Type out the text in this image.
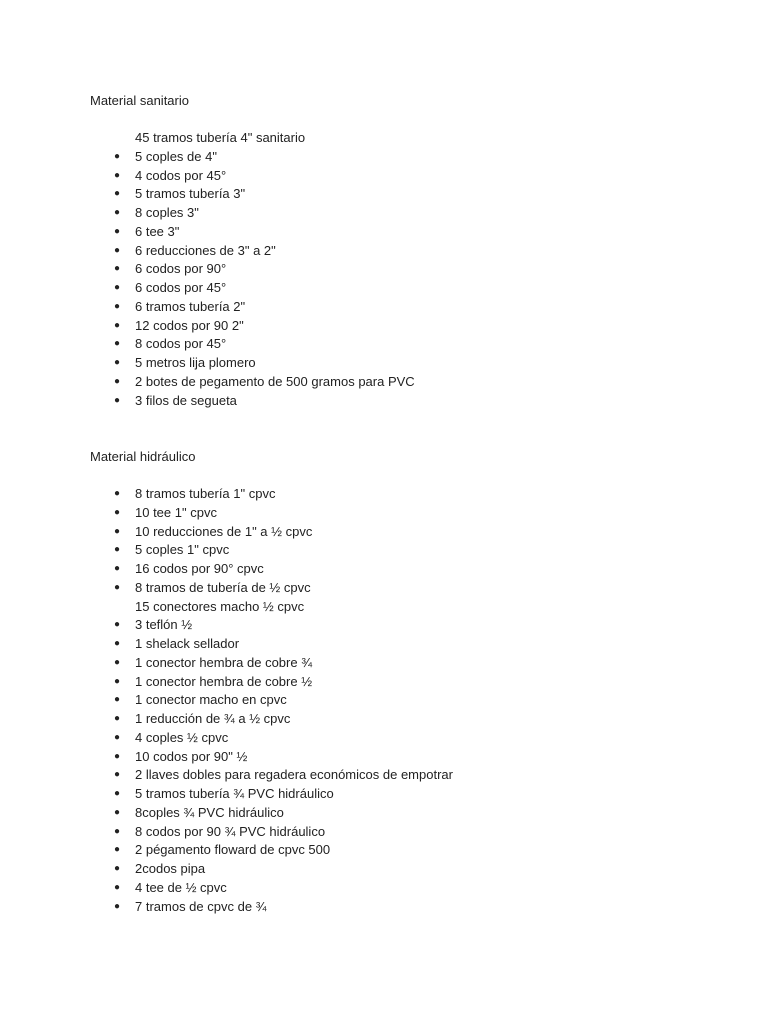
Material sanitario
45 tramos tubería 4" sanitario
● 5 coples de 4"
● 4 codos por 45°
● 5 tramos tubería 3"
● 8 coples 3"
● 6 tee 3"
● 6 reducciones de 3" a 2"
● 6 codos por 90°
● 6 codos por 45°
● 6 tramos tubería 2"
● 12 codos por 90 2"
● 8 codos por 45°
● 5 metros lija plomero
● 2 botes de pegamento de 500 gramos para PVC
● 3 filos de segueta
Material hidráulico
● 8 tramos tubería 1" cpvc
● 10 tee 1" cpvc
● 10 reducciones de 1" a ½ cpvc
● 5 coples 1" cpvc
● 16 codos por 90° cpvc
● 8 tramos de tubería de ½ cpvc
15 conectores macho ½ cpvc
● 3 teflón ½
● 1 shelack sellador
● 1 conector hembra de cobre ¾
● 1 conector hembra de cobre ½
● 1 conector macho en cpvc
● 1 reducción de ¾ a ½ cpvc
● 4 coples ½ cpvc
● 10 codos por 90" ½
● 2 llaves dobles para regadera económicos de empotrar
● 5 tramos tubería ¾ PVC hidráulico
● 8coples ¾ PVC hidráulico
● 8 codos por 90 ¾ PVC hidráulico
● 2 pégamento floward de cpvc 500
● 2codos pipa
● 4 tee de ½ cpvc
● 7 tramos de cpvc de ¾
